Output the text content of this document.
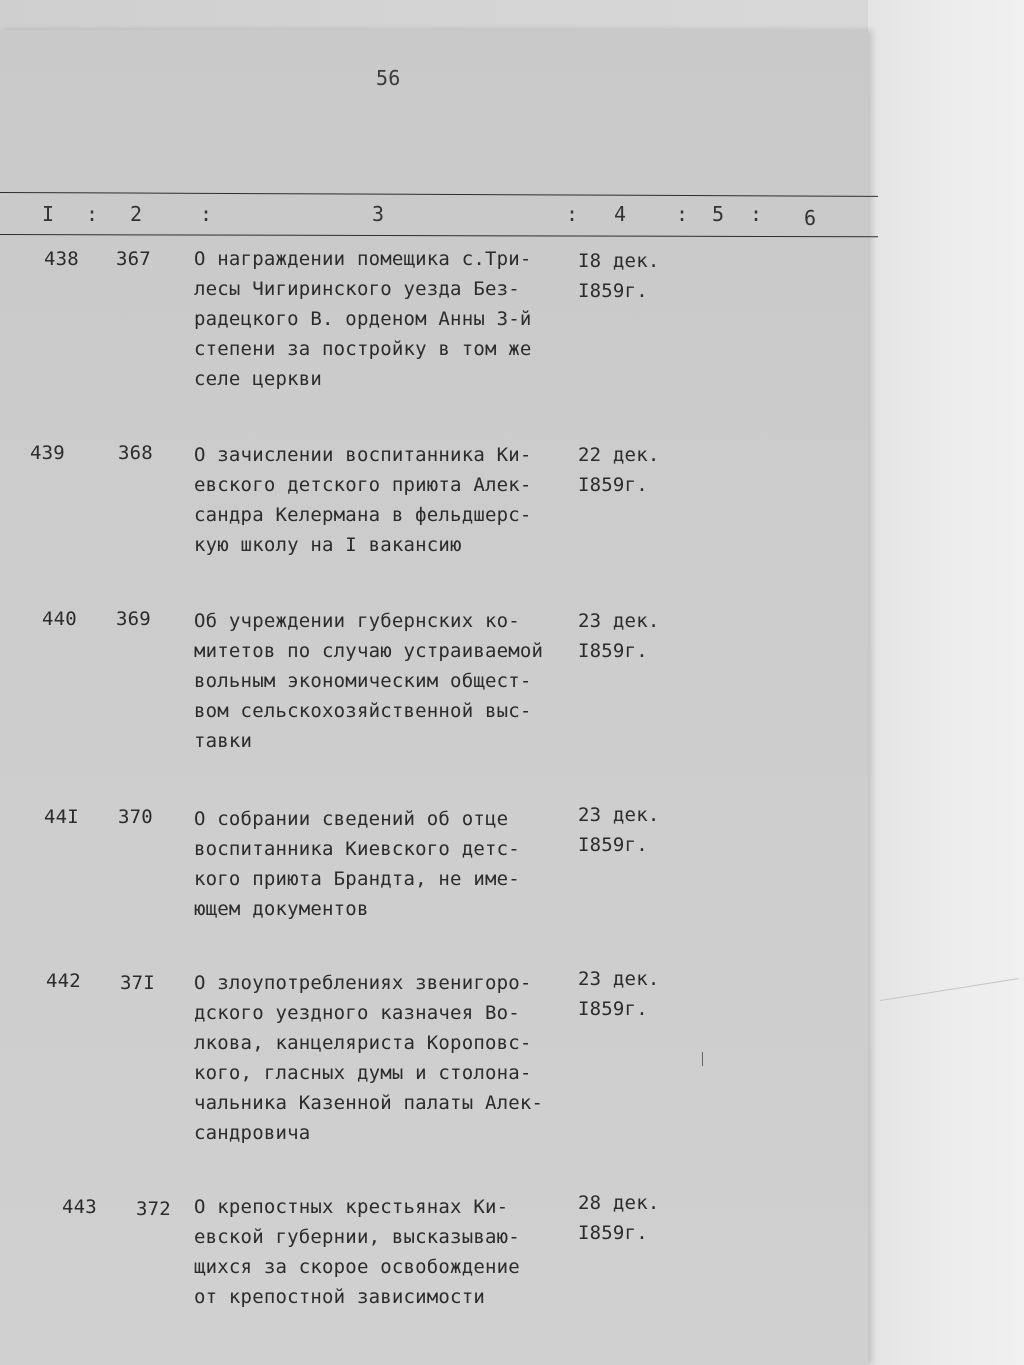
56
I : 2	:	3	: 4 : 5 : 6
438 367 О награждении помещика с.Три-
лесы Чигиринского уезда Без-
радецкого В. орденом Анны 3-й
степени за постройку в том же
селе церкви
I8 дек.
I859г.
439	368 О зачислении воспитанника Ки-
евского детского приюта Алек-
сандра Келермана в фельдшерс-
кую школу на I вакансию
22 дек.
I859г.
440 369 Об учреждении губернских ко-
митетов по случаю устраиваемой
вольным экономическим общест-
вом сельскохозяйственной выс-
тавки
23 дек.
I859г.
44I 370 О собрании сведений об отце
воспитанника Киевского детс-
кого приюта Брандта, не име-
ющем документов
23 дек.
I859г.
442 37I О злоупотреблениях звенигоро-
дского уездного казначея Во-
лкова, канцеляриста Короповс-
кого, гласных думы и столона-
чальника Казенной палаты Алек-
сандровича
23 дек.
I859г.
443 372 О крепостных крестьянах Ки-
евской губернии, высказываю-
щихся за скорое освобождение
от крепостной зависимости
28 дек.
I859г.
